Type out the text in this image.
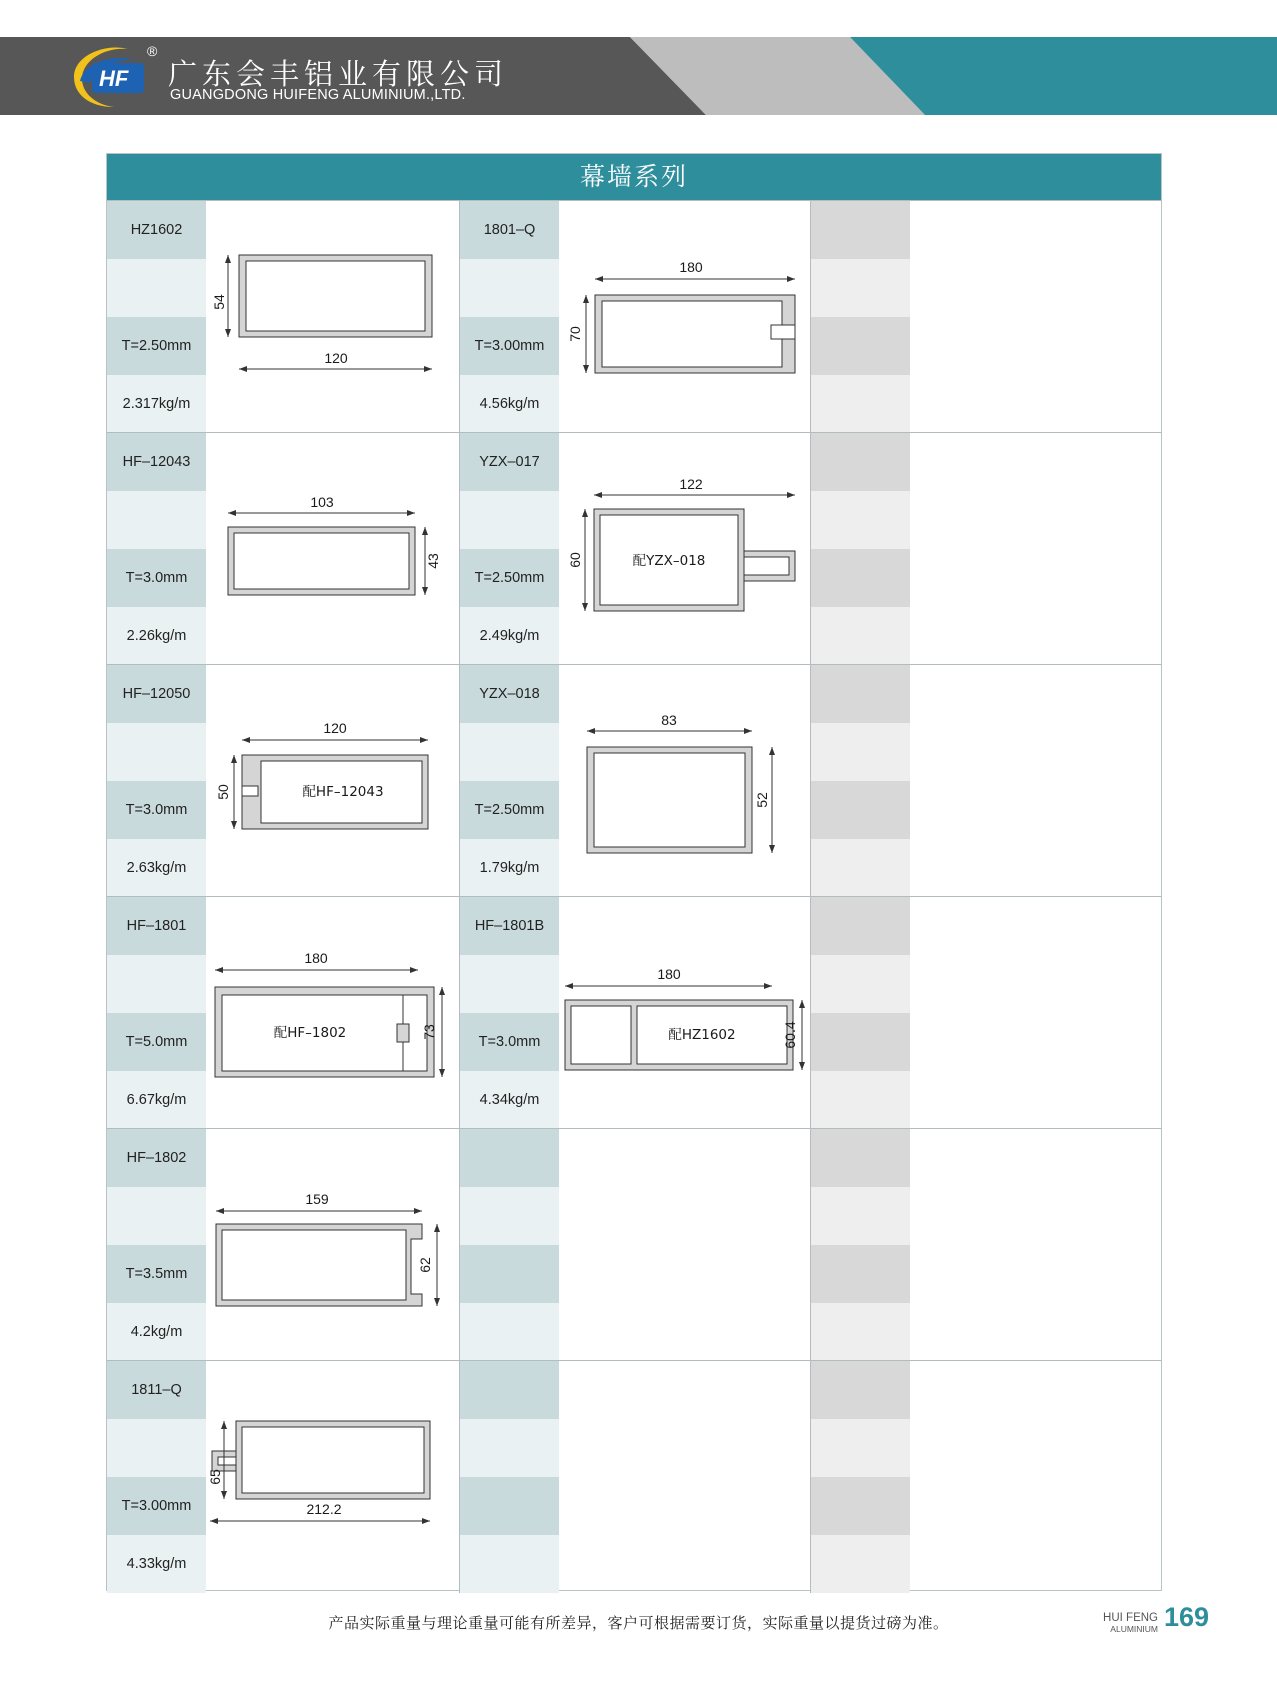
HF
®
广东会丰铝业有限公司
GUANGDONG HUIFENG ALUMINIUM.,LTD.
幕墙系列
HZ1602
T=2.50mm
2.317kg/m
54
120
1801–Q
T=3.00mm
4.56kg/m
180
70
HF–12043
T=3.0mm
2.26kg/m
103
43
YZX–017
T=2.50mm
2.49kg/m
122
60	配YZX–018
HF–12050
T=3.0mm
2.63kg/m
120
50	配HF–12043
YZX–018
T=2.50mm
1.79kg/m
83
52
HF–1801
T=5.0mm
6.67kg/m
180
73
配HF–1802
HF–1801B
T=3.0mm
4.34kg/m
180
60.4
配HZ1602
HF–1802
T=3.5mm
4.2kg/m
159
62
1811–Q
T=3.00mm
4.33kg/m
65
212.2
产品实际重量与理论重量可能有所差异，客户可根据需要订货，实际重量以提货过磅为准。	HUI FENG
ALUMINIUM 169
